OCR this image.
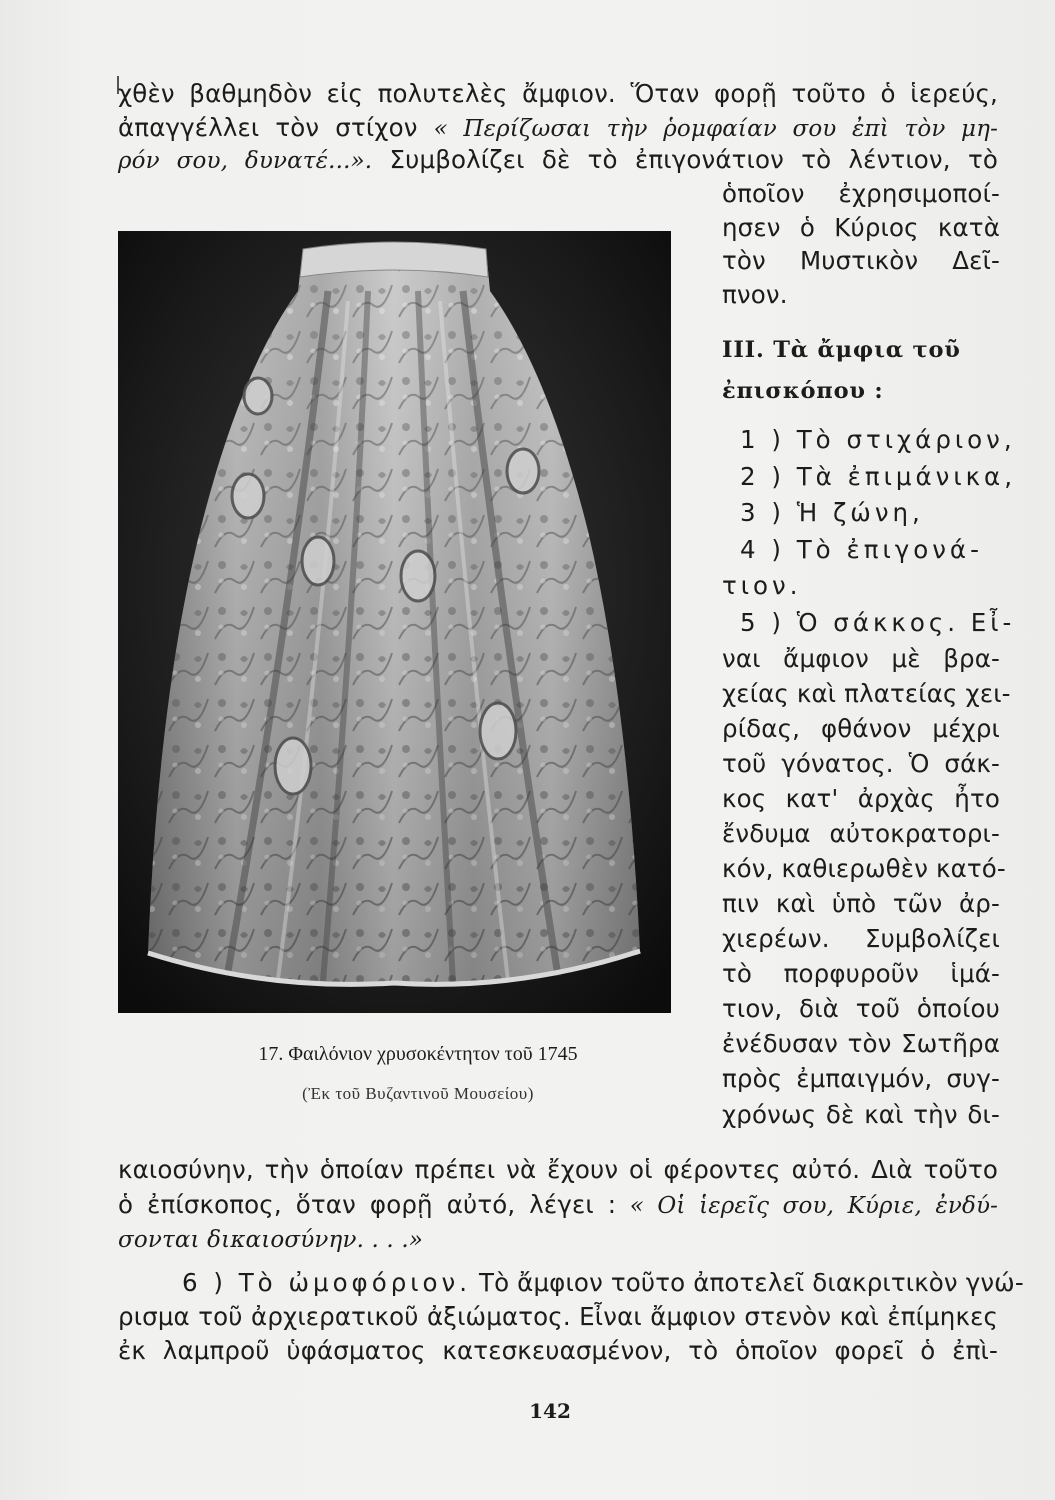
χθὲν βαθμηδὸν εἰς πολυτελὲς ἄμφιον. Ὅταν φορῇ τοῦτο ὁ ἱερεύς,
ἀπαγγέλλει τὸν στίχον « Περίζωσαι τὴν ῥομφαίαν σου ἐπὶ τὸν μη-
ρόν σου, δυνατέ...». Συμβολίζει δὲ τὸ ἐπιγονάτιον τὸ λέντιον, τὸ
ὁποῖον ἐχρησιμοποί-
ησεν ὁ Κύριος κατὰ
τὸν Μυστικὸν Δεῖ-
πνον.
III. Τὰ ἄμφια τοῦ
ἐπισκόπου :
1 ) Τὸ στιχάριον,
2 ) Τὰ ἐπιμάνικα,
3 ) Ἡ ζώνη,
4 ) Τὸ ἐπιγονά-
τιον.
5 ) Ὁ σάκκος. Εἶ-
ναι ἄμφιον μὲ βρα-
χείας καὶ πλατείας χει-
ρίδας, φθάνον μέχρι
τοῦ γόνατος. Ὁ σάκ-
κος κατ' ἀρχὰς ἦτο
ἔνδυμα αὐτοκρατορι-
κόν, καθιερωθὲν κατό-
πιν καὶ ὑπὸ τῶν ἀρ-
χιερέων. Συμβολίζει
τὸ πορφυροῦν ἱμά-
τιον, διὰ τοῦ ὁποίου
ἐνέδυσαν τὸν Σωτῆρα
πρὸς ἐμπαιγμόν, συγ-
χρόνως δὲ καὶ τὴν δι-
17. Φαιλόνιον χρυσοκέντητον τοῦ 1745
(Ἐκ τοῦ Βυζαντινοῦ Μουσείου)
καιοσύνην, τὴν ὁποίαν πρέπει νὰ ἔχουν οἱ φέροντες αὐτό. Διὰ τοῦτο
ὁ ἐπίσκοπος, ὅταν φορῇ αὐτό, λέγει : « Οἱ ἱερεῖς σου, Κύριε, ἐνδύ-
σονται δικαιοσύνην. . . .»
6 ) Τὸ ὠμοφόριον. Τὸ ἄμφιον τοῦτο ἀποτελεῖ διακριτικὸν γνώ-
ρισμα τοῦ ἀρχιερατικοῦ ἀξιώματος. Εἶναι ἄμφιον στενὸν καὶ ἐπίμηκες
ἐκ λαμπροῦ ὑφάσματος κατεσκευασμένον, τὸ ὁποῖον φορεῖ ὁ ἐπὶ-
142
